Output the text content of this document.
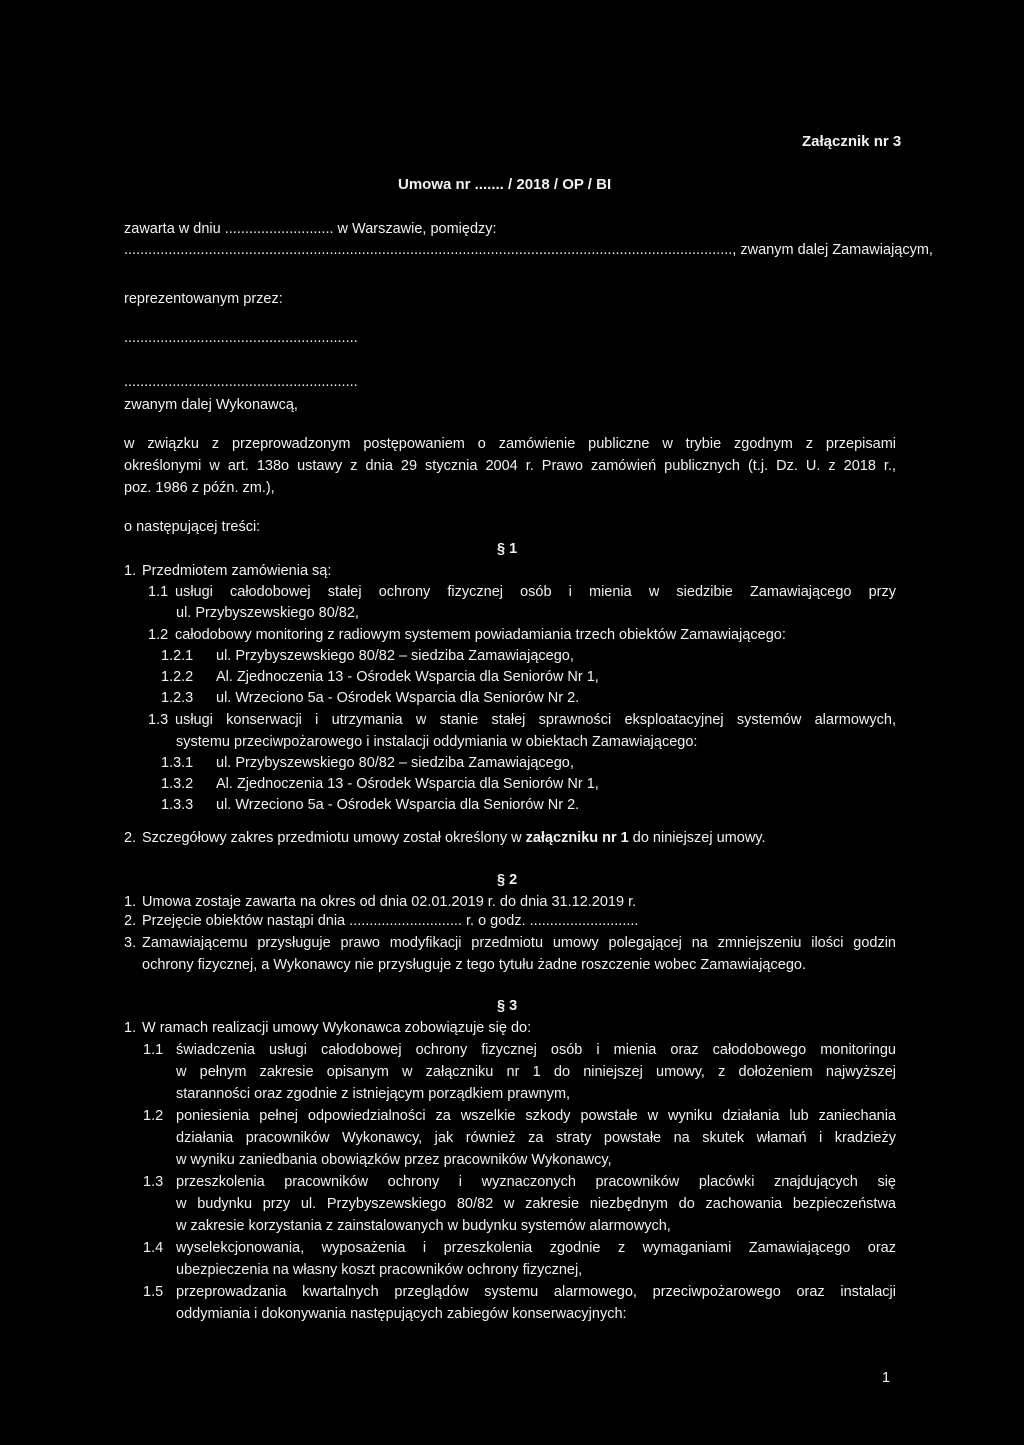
Załącznik nr 3
Umowa nr ....... / 2018 / OP / BI
zawarta w dniu ........................... w Warszawie, pomiędzy:
......................................................................................................................................................., zwanym dalej Zamawiającym,
reprezentowanym przez:
..........................................................
..........................................................
zwanym dalej Wykonawcą,
w związku z przeprowadzonym postępowaniem o zamówienie publiczne w trybie zgodnym z przepisami
określonymi w art. 138o ustawy z dnia 29 stycznia 2004 r. Prawo zamówień publicznych (t.j. Dz. U. z 2018 r.,
poz. 1986 z późn. zm.),
o następującej treści:
§ 1
1. Przedmiotem zamówienia są:
1.1 usługi całodobowej stałej ochrony fizycznej osób i mienia w siedzibie Zamawiającego przy
ul. Przybyszewskiego 80/82,
1.2 całodobowy monitoring z radiowym systemem powiadamiania trzech obiektów Zamawiającego:
1.2.1 ul. Przybyszewskiego 80/82 – siedziba Zamawiającego,
1.2.2 Al. Zjednoczenia 13 - Ośrodek Wsparcia dla Seniorów Nr 1,
1.2.3 ul. Wrzeciono 5a - Ośrodek Wsparcia dla Seniorów Nr 2.
1.3 usługi konserwacji i utrzymania w stanie stałej sprawności eksploatacyjnej systemów alarmowych,
systemu przeciwpożarowego i instalacji oddymiania w obiektach Zamawiającego:
1.3.1 ul. Przybyszewskiego 80/82 – siedziba Zamawiającego,
1.3.2 Al. Zjednoczenia 13 - Ośrodek Wsparcia dla Seniorów Nr 1,
1.3.3 ul. Wrzeciono 5a - Ośrodek Wsparcia dla Seniorów Nr 2.
2. Szczegółowy zakres przedmiotu umowy został określony w załączniku nr 1 do niniejszej umowy.
§ 2
1. Umowa zostaje zawarta na okres od dnia 02.01.2019 r. do dnia 31.12.2019 r.
2. Przejęcie obiektów nastąpi dnia ............................ r. o godz. ...........................
3. Zamawiającemu przysługuje prawo modyfikacji przedmiotu umowy polegającej na zmniejszeniu ilości godzin
ochrony fizycznej, a Wykonawcy nie przysługuje z tego tytułu żadne roszczenie wobec Zamawiającego.
§ 3
1. W ramach realizacji umowy Wykonawca zobowiązuje się do:
1.1 świadczenia usługi całodobowej ochrony fizycznej osób i mienia oraz całodobowego monitoringu
w pełnym zakresie opisanym w załączniku nr 1 do niniejszej umowy, z dołożeniem najwyższej
staranności oraz zgodnie z istniejącym porządkiem prawnym,
1.2 poniesienia pełnej odpowiedzialności za wszelkie szkody powstałe w wyniku działania lub zaniechania
działania pracowników Wykonawcy, jak również za straty powstałe na skutek włamań i kradzieży
w wyniku zaniedbania obowiązków przez pracowników Wykonawcy,
1.3 przeszkolenia pracowników ochrony i wyznaczonych pracowników placówki znajdujących się
w budynku przy ul. Przybyszewskiego 80/82 w zakresie niezbędnym do zachowania bezpieczeństwa
w zakresie korzystania z zainstalowanych w budynku systemów alarmowych,
1.4 wyselekcjonowania, wyposażenia i przeszkolenia zgodnie z wymaganiami Zamawiającego oraz
ubezpieczenia na własny koszt pracowników ochrony fizycznej,
1.5 przeprowadzania kwartalnych przeglądów systemu alarmowego, przeciwpożarowego oraz instalacji
oddymiania i dokonywania następujących zabiegów konserwacyjnych:
1
